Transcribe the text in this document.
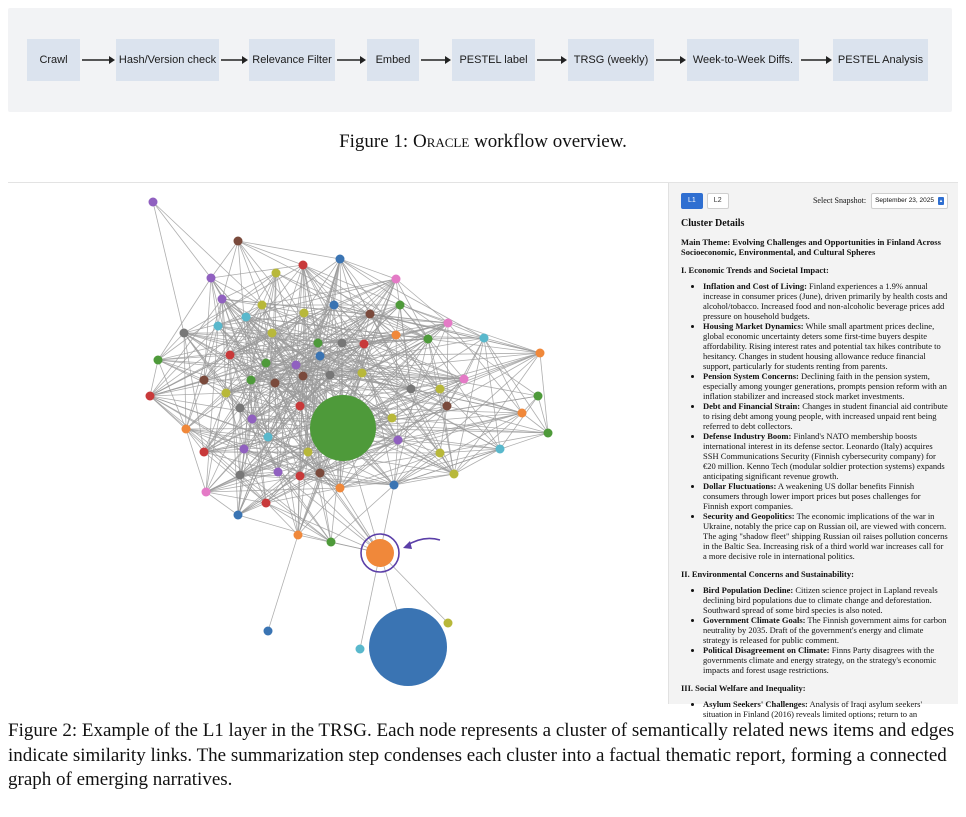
Crawl	Hash/Version check	Relevance Filter	Embed	PESTEL label	TRSG (weekly)	Week-to-Week Diffs.	PESTEL Analysis
Figure 1: Oracle workflow overview.
L1	L2	Select Snapshot: September 23, 2025	▴
Cluster Details
Main Theme: Evolving Challenges and Opportunities in Finland Across Socioeconomic, Environmental, and Cultural Spheres
I. Economic Trends and Societal Impact:
• Inflation and Cost of Living: Finland experiences a 1.9% annual increase in consumer prices (June), driven primarily by health costs and alcohol/tobacco. Increased food and non-alcoholic beverage prices add pressure on household budgets.
• Housing Market Dynamics: While small apartment prices decline, global economic uncertainty deters some first-time buyers despite affordability. Rising interest rates and potential tax hikes contribute to hesitancy. Changes in student housing allowance reduce financial support, particularly for students renting from parents.
• Pension System Concerns: Declining faith in the pension system, especially among younger generations, prompts pension reform with an inflation stabilizer and increased stock market investments.
• Debt and Financial Strain: Changes in student financial aid contribute to rising debt among young people, with increased unpaid rent being referred to debt collectors.
• Defense Industry Boom: Finland's NATO membership boosts international interest in its defense sector. Leonardo (Italy) acquires SSH Communications Security (Finnish cybersecurity company) for €20 million. Kenno Tech (modular soldier protection systems) expands anticipating significant revenue growth.
• Dollar Fluctuations: A weakening US dollar benefits Finnish consumers through lower import prices but poses challenges for Finnish export companies.
• Security and Geopolitics: The economic implications of the war in Ukraine, notably the price cap on Russian oil, are viewed with concern. The aging "shadow fleet" shipping Russian oil raises pollution concerns in the Baltic Sea. Increasing risk of a third world war increases call for a more decisive role in international politics.
II. Environmental Concerns and Sustainability:
• Bird Population Decline: Citizen science project in Lapland reveals declining bird populations due to climate change and deforestation. Southward spread of some bird species is also noted.
• Government Climate Goals: The Finnish government aims for carbon neutrality by 2035. Draft of the government's energy and climate strategy is released for public comment.
• Political Disagreement on Climate: Finns Party disagrees with the governments climate and energy strategy, on the strategy's economic impacts and forest usage restrictions.
III. Social Welfare and Inequality:
• Asylum Seekers' Challenges: Analysis of Iraqi asylum seekers' situation in Finland (2016) reveals limited options; return to an
Figure 2: Example of the L1 layer in the TRSG. Each node represents a cluster of semantically related news items and edges indicate similarity links. The summarization step condenses each cluster into a factual thematic report, forming a connected graph of emerging narratives.
